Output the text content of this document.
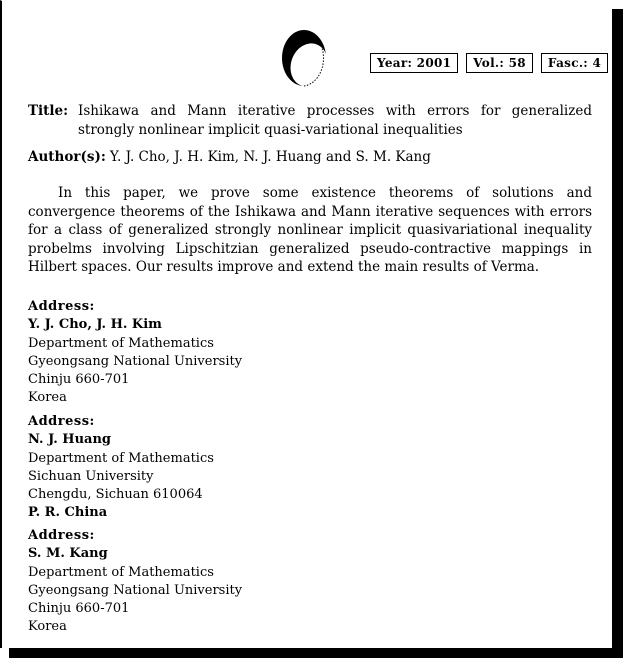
Year: 2001	Vol.: 58	Fasc.: 4
Title: Ishikawa and Mann iterative processes with errors for generalized strongly nonlinear implicit quasi-variational inequalities
Author(s): Y. J. Cho, J. H. Kim, N. J. Huang and S. M. Kang

In this paper, we prove some existence theorems of solutions and convergence theorems of the Ishikawa and Mann iterative sequences with errors for a class of generalized strongly nonlinear implicit quasivariational inequality probelms involving Lipschitzian generalized pseudo-contractive mappings in Hilbert spaces. Our results improve and extend the main results of Verma.

Address:
Y. J. Cho, J. H. Kim
Department of Mathematics
Gyeongsang National University
Chinju 660-701
Korea
Address:
N. J. Huang
Department of Mathematics
Sichuan University
Chengdu, Sichuan 610064
P. R. China
Address:
S. M. Kang
Department of Mathematics
Gyeongsang National University
Chinju 660-701
Korea
